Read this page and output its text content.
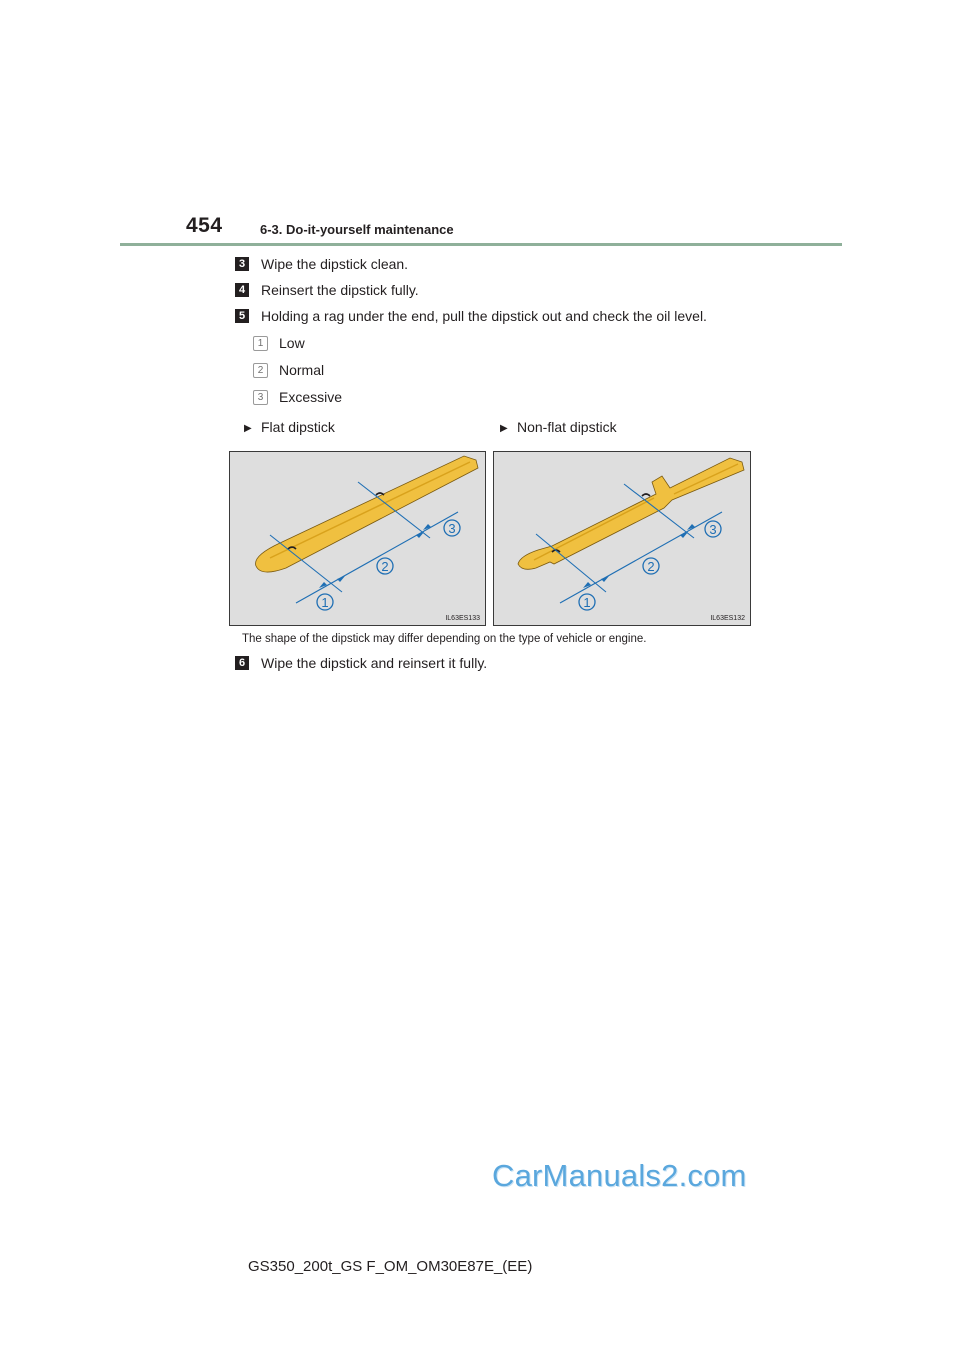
454	6-3. Do-it-yourself maintenance
3 Wipe the dipstick clean.
4 Reinsert the dipstick fully.
5 Holding a rag under the end, pull the dipstick out and check the oil level.
1	Low
2	Normal
3	Excessive
▶ Flat dipstick	▶ Non-flat dipstick
1
2
3
IL63ES133
1
2
3
IL63ES132
The shape of the dipstick may differ depending on the type of vehicle or engine.
6 Wipe the dipstick and reinsert it fully.
CarManuals2.com
GS350_200t_GS F_OM_OM30E87E_(EE)
